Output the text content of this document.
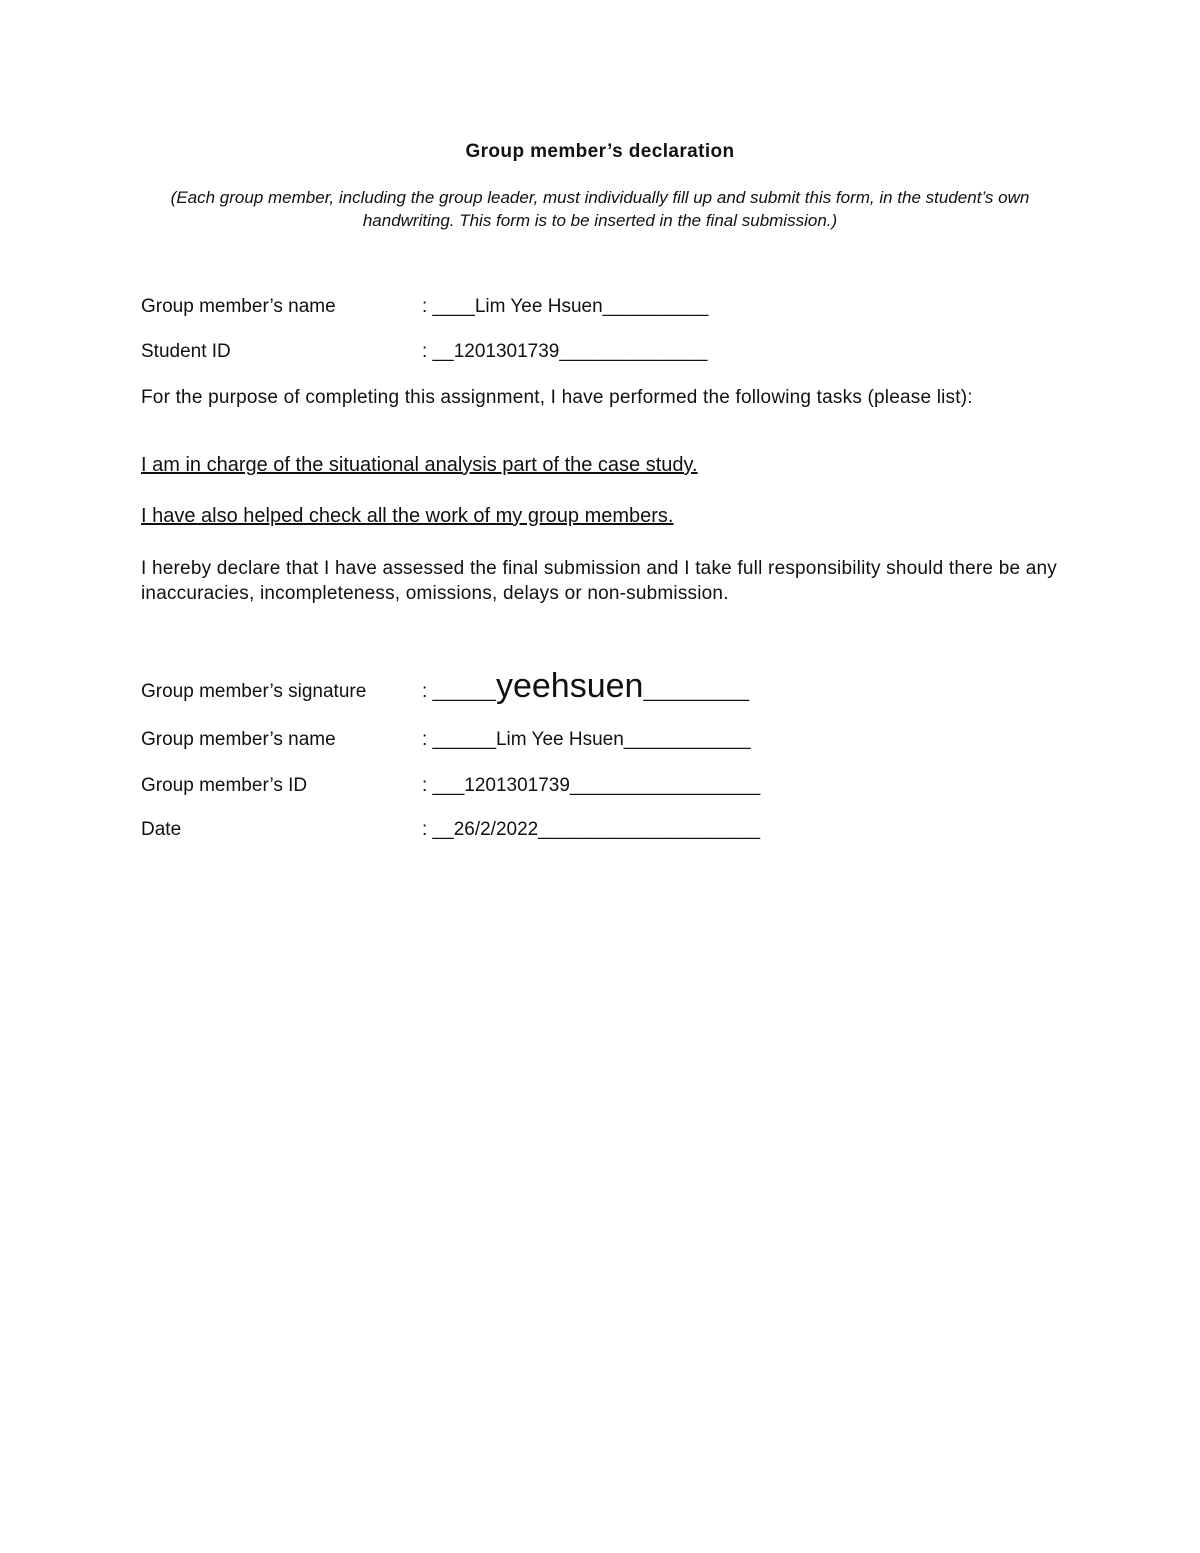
Group member’s declaration
(Each group member, including the group leader, must individually fill up and submit this form, in the student’s own handwriting. This form is to be inserted in the final submission.)
Group member’s name	: ____Lim Yee Hsuen__________
Student ID	: __1201301739______________
For the purpose of completing this assignment, I have performed the following tasks (please list):
I am in charge of the situational analysis part of the case study.
I have also helped check all the work of my group members.
I hereby declare that I have assessed the final submission and I take full responsibility should there be any inaccuracies, incompleteness, omissions, delays or non-submission.
Group member’s signature	: ______yeehsuen__________
Group member’s name	: ______Lim Yee Hsuen____________
Group member’s ID	: ___1201301739__________________
Date	: __26/2/2022_____________________
